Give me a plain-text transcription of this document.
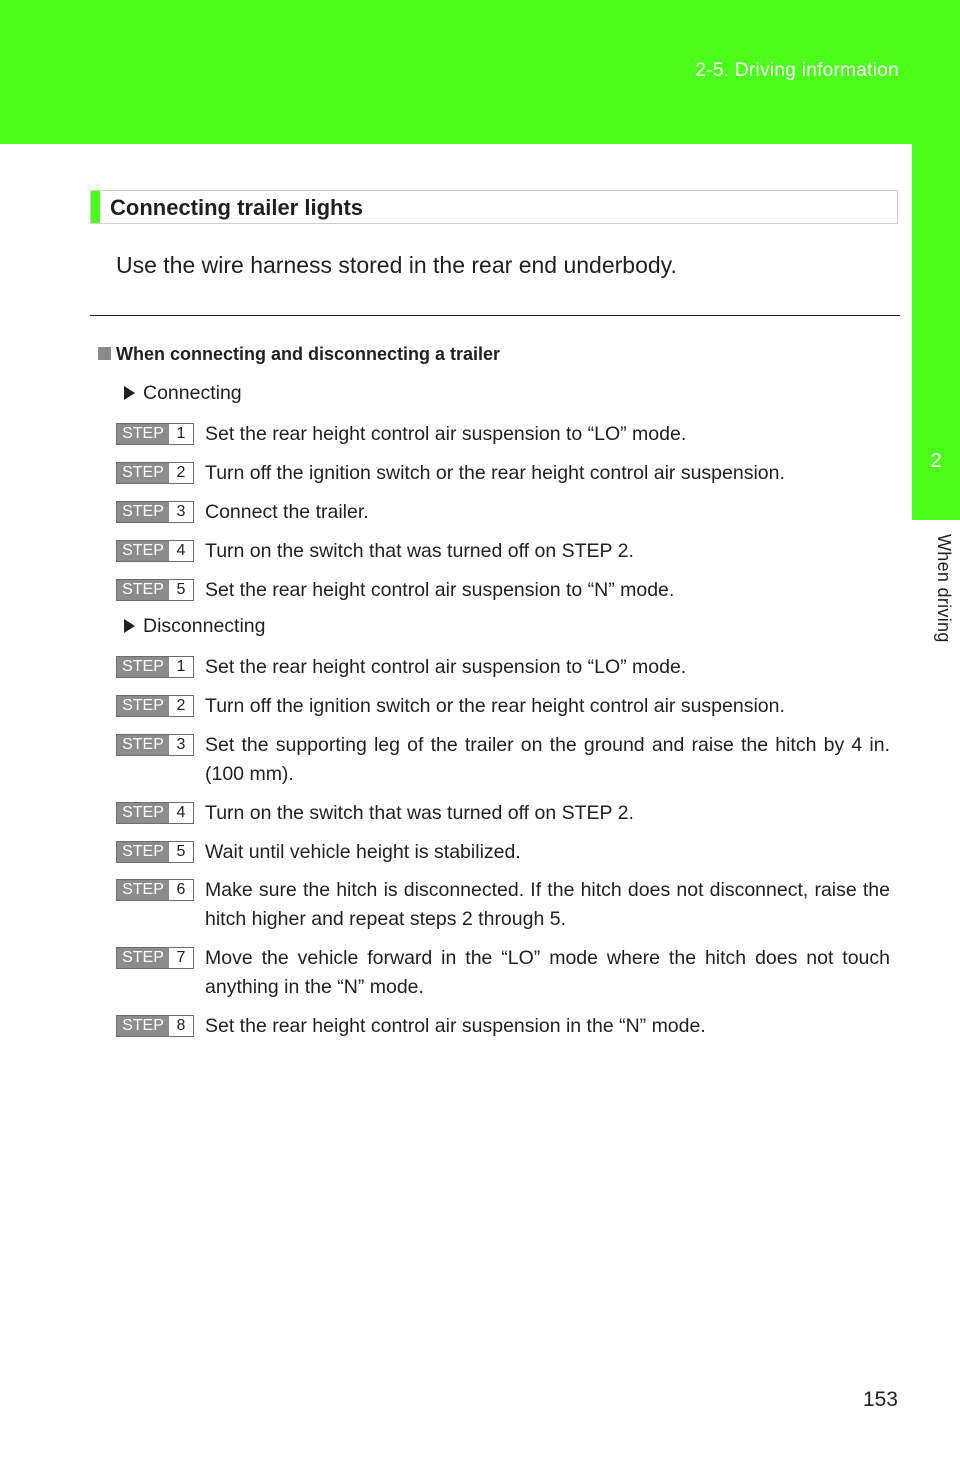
2-5. Driving information
2
When driving
Connecting trailer lights
Use the wire harness stored in the rear end underbody.
When connecting and disconnecting a trailer
Connecting
STEP 1	Set the rear height control air suspension to “LO” mode.
STEP 2	Turn off the ignition switch or the rear height control air suspension.
STEP 3	Connect the trailer.
STEP 4	Turn on the switch that was turned off on STEP 2.
STEP 5	Set the rear height control air suspension to “N” mode.
Disconnecting
STEP 1	Set the rear height control air suspension to “LO” mode.
STEP 2	Turn off the ignition switch or the rear height control air suspension.
STEP 3	Set the supporting leg of the trailer on the ground and raise the hitch by 4 in. (100 mm).
STEP 4	Turn on the switch that was turned off on STEP 2.
STEP 5	Wait until vehicle height is stabilized.
STEP 6	Make sure the hitch is disconnected. If the hitch does not disconnect, raise the hitch higher and repeat steps 2 through 5.
STEP 7	Move the vehicle forward in the “LO” mode where the hitch does not touch anything in the “N” mode.
STEP 8	Set the rear height control air suspension in the “N” mode.
153
